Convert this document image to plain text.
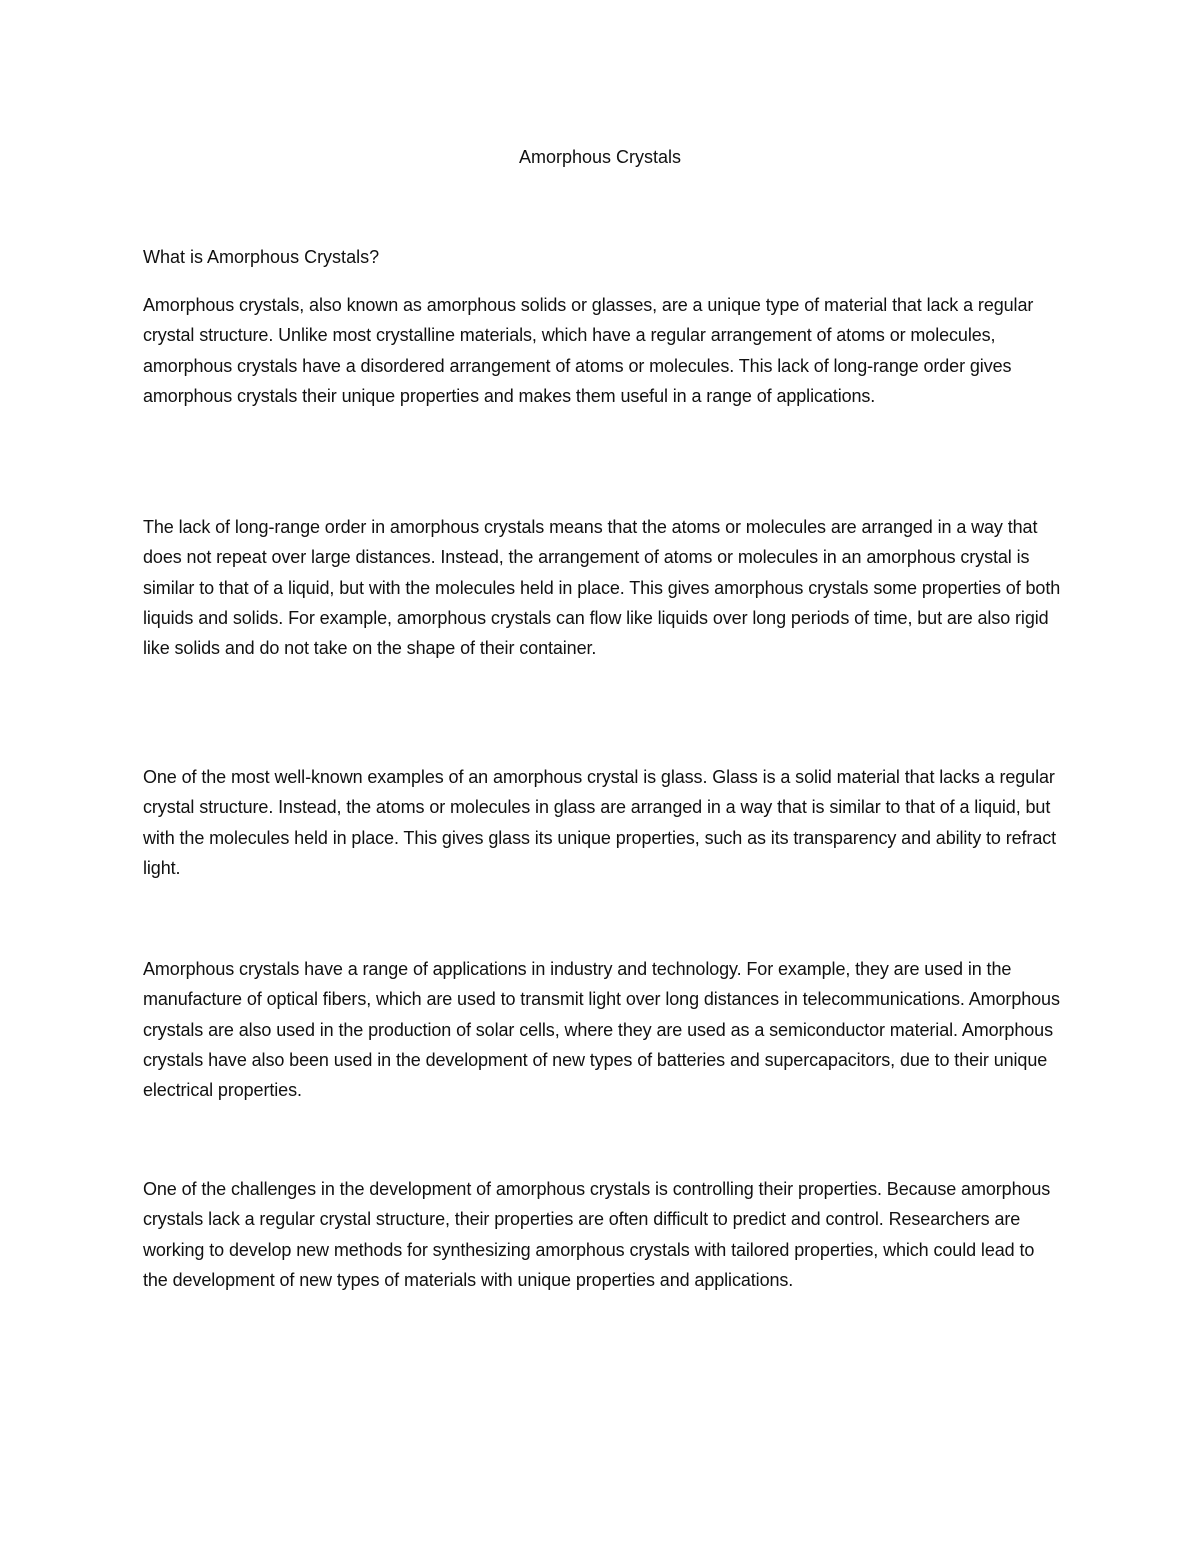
Amorphous Crystals
What is Amorphous Crystals?

Amorphous crystals, also known as amorphous solids or glasses, are a unique type of material that lack a regular crystal structure. Unlike most crystalline materials, which have a regular arrangement of atoms or molecules, amorphous crystals have a disordered arrangement of atoms or molecules. This lack of long-range order gives amorphous crystals their unique properties and makes them useful in a range of applications.

The lack of long-range order in amorphous crystals means that the atoms or molecules are arranged in a way that does not repeat over large distances. Instead, the arrangement of atoms or molecules in an amorphous crystal is similar to that of a liquid, but with the molecules held in place. This gives amorphous crystals some properties of both liquids and solids. For example, amorphous crystals can flow like liquids over long periods of time, but are also rigid like solids and do not take on the shape of their container.

One of the most well-known examples of an amorphous crystal is glass. Glass is a solid material that lacks a regular crystal structure. Instead, the atoms or molecules in glass are arranged in a way that is similar to that of a liquid, but with the molecules held in place. This gives glass its unique properties, such as its transparency and ability to refract light.

Amorphous crystals have a range of applications in industry and technology. For example, they are used in the manufacture of optical fibers, which are used to transmit light over long distances in telecommunications. Amorphous crystals are also used in the production of solar cells, where they are used as a semiconductor material. Amorphous crystals have also been used in the development of new types of batteries and supercapacitors, due to their unique electrical properties.

One of the challenges in the development of amorphous crystals is controlling their properties. Because amorphous crystals lack a regular crystal structure, their properties are often difficult to predict and control. Researchers are working to develop new methods for synthesizing amorphous crystals with tailored properties, which could lead to the development of new types of materials with unique properties and applications.
